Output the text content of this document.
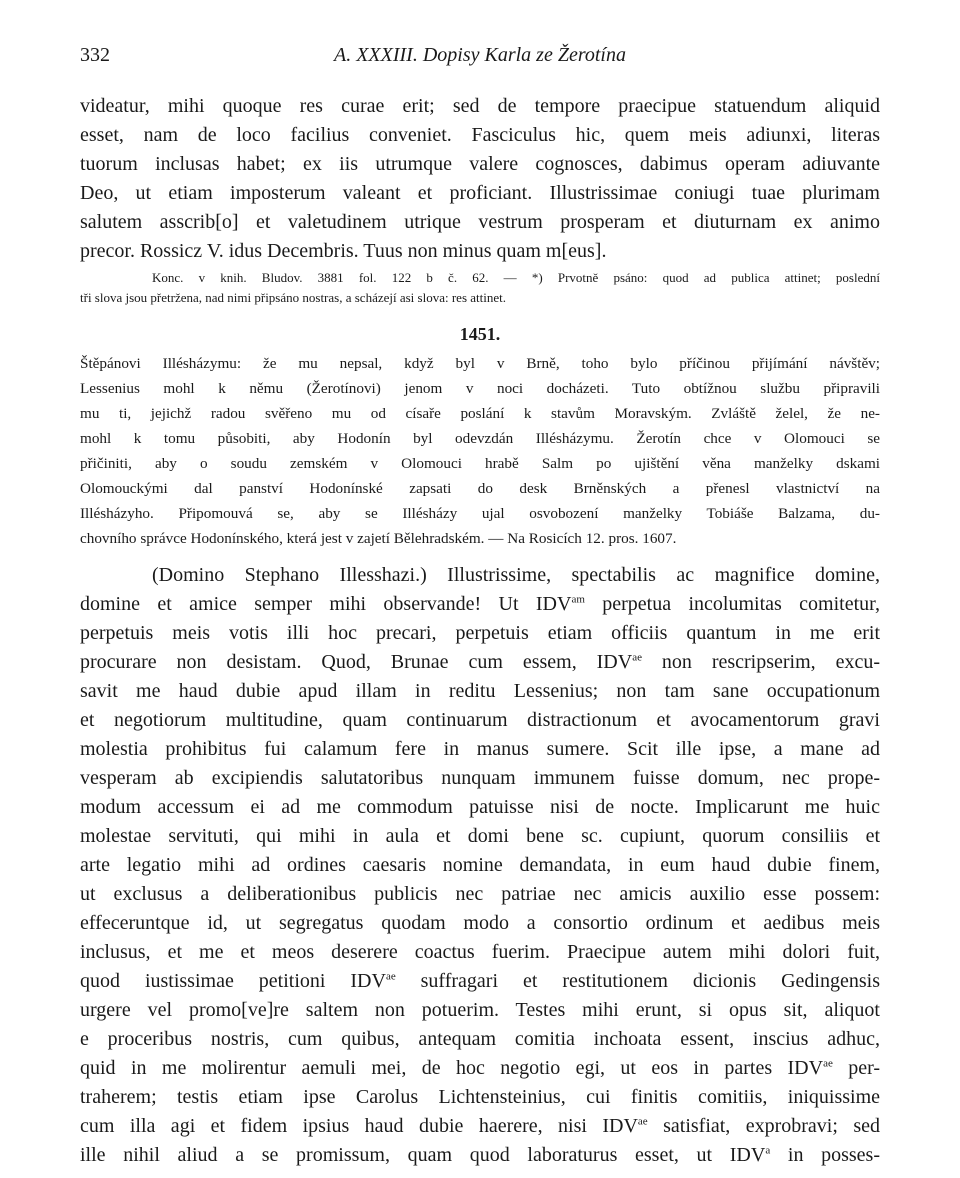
332	A. XXXIII. Dopisy Karla ze Žerotína
videatur, mihi quoque res curae erit; sed de tempore praecipue statuendum aliquid
esset, nam de loco facilius conveniet. Fasciculus hic, quem meis adiunxi, literas
tuorum inclusas habet; ex iis utrumque valere cognosces, dabimus operam adiuvante
Deo, ut etiam imposterum valeant et proficiant. Illustrissimae coniugi tuae plurimam
salutem asscrib[o] et valetudinem utrique vestrum prosperam et diuturnam ex animo
precor. Rossicz V. idus Decembris. Tuus non minus quam m[eus].
Konc. v knih. Bludov. 3881 fol. 122 b č. 62. — *) Prvotně psáno: quod ad publica attinet; poslední
tři slova jsou přetržena, nad nimi připsáno nostras, a scházejí asi slova: res attinet.
1451.
Štěpánovi Illésházymu: že mu nepsal, když byl v Brně, toho bylo příčinou přijímání návštěv;
Lessenius mohl k němu (Žerotínovi) jenom v noci docházeti. Tuto obtížnou službu připravili
mu ti, jejichž radou svěřeno mu od císaře poslání k stavům Moravským. Zvláště želel, že ne-
mohl k tomu působiti, aby Hodonín byl odevzdán Illésházymu. Žerotín chce v Olomouci se
přičiniti, aby o soudu zemském v Olomouci hrabě Salm po ujištění věna manželky dskami
Olomouckými dal panství Hodonínské zapsati do desk Brněnských a přenesl vlastnictví na
Illésházyho. Připomouvá se, aby se Illésházy ujal osvobození manželky Tobiáše Balzama, du-
chovního správce Hodonínského, která jest v zajetí Bělehradském. — Na Rosicích 12. pros. 1607.
(Domino Stephano Illesshazi.) Illustrissime, spectabilis ac magnifice domine,
domine et amice semper mihi observande! Ut $IDV^{am}$ perpetua incolumitas comitetur,
perpetuis meis votis illi hoc precari, perpetuis etiam officiis quantum in me erit
procurare non desistam. Quod, Brunae cum essem, $IDV^{ae}$ non rescripserim, excu-
savit me haud dubie apud illam in reditu Lessenius; non tam sane occupationum
et negotiorum multitudine, quam continuarum distractionum et avocamentorum gravi
molestia prohibitus fui calamum fere in manus sumere. Scit ille ipse, a mane ad
vesperam ab excipiendis salutatoribus nunquam immunem fuisse domum, nec prope-
modum accessum ei ad me commodum patuisse nisi de nocte. Implicarunt me huic
molestae servituti, qui mihi in aula et domi bene sc. cupiunt, quorum consiliis et
arte legatio mihi ad ordines caesaris nomine demandata, in eum haud dubie finem,
ut exclusus a deliberationibus publicis nec patriae nec amicis auxilio esse possem:
effeceruntque id, ut segregatus quodam modo a consortio ordinum et aedibus meis
inclusus, et me et meos deserere coactus fuerim. Praecipue autem mihi dolori fuit,
quod iustissimae petitioni $IDV^{ae}$ suffragari et restitutionem dicionis Gedingensis
urgere vel promo[ve]re saltem non potuerim. Testes mihi erunt, si opus sit, aliquot
e proceribus nostris, cum quibus, antequam comitia inchoata essent, inscius adhuc,
quid in me molirentur aemuli mei, de hoc negotio egi, ut eos in partes $IDV^{ae}$ per-
traherem; testis etiam ipse Carolus Lichtensteinius, cui finitis comitiis, iniquissime
cum illa agi et fidem ipsius haud dubie haerere, nisi $IDV^{ae}$ satisfiat, exprobravi; sed
ille nihil aliud a se promissum, quam quod laboraturus esset, ut IDV$^a$ in posses-
